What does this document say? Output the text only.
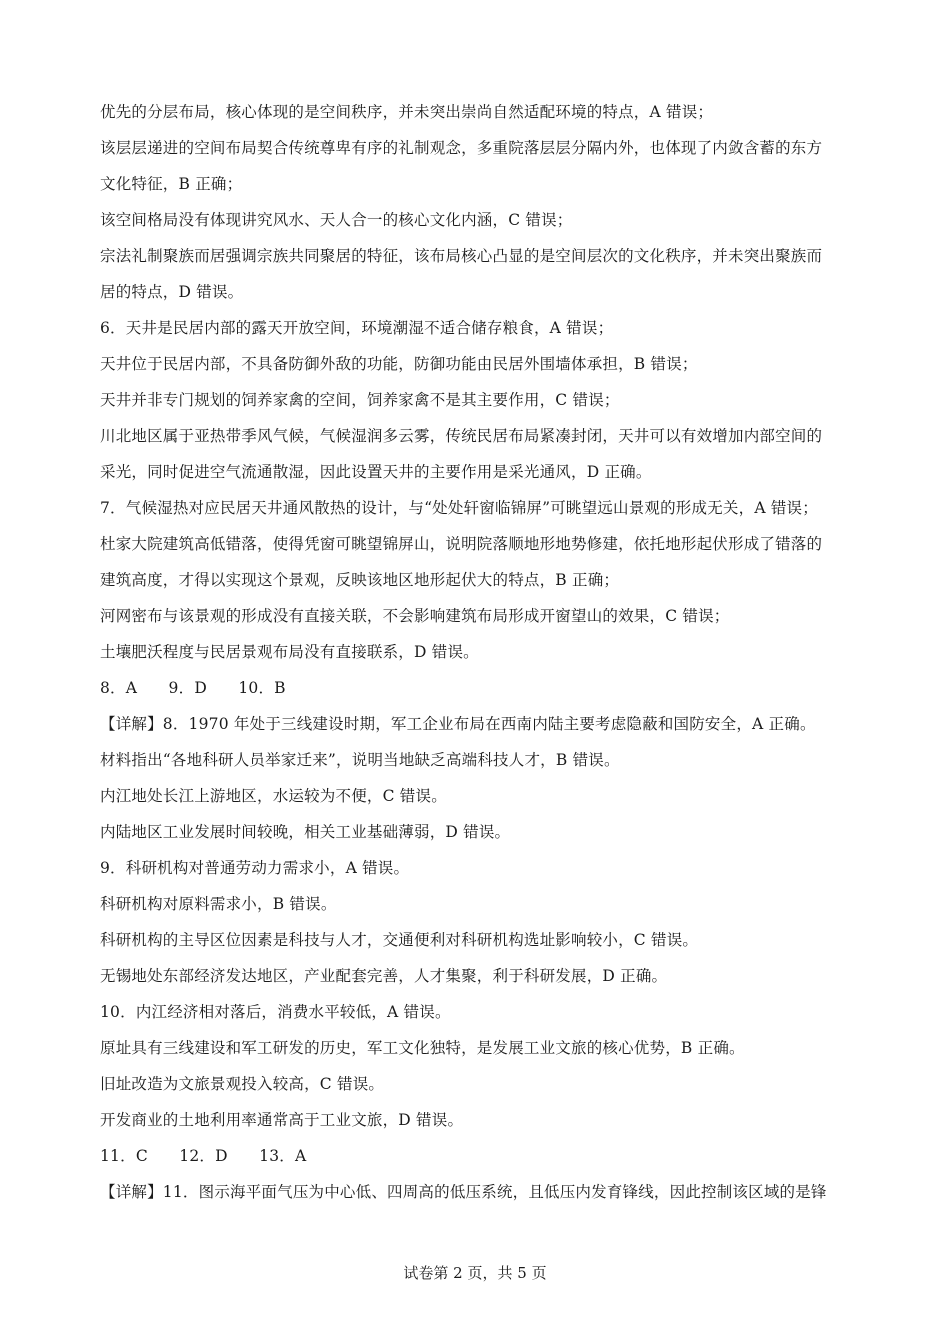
优先的分层布局，核心体现的是空间秩序，并未突出崇尚自然适配环境的特点，A 错误；
该层层递进的空间布局契合传统尊卑有序的礼制观念，多重院落层层分隔内外，也体现了内敛含蓄的东方
文化特征，B 正确；
该空间格局没有体现讲究风水、天人合一的核心文化内涵，C 错误；
宗法礼制聚族而居强调宗族共同聚居的特征，该布局核心凸显的是空间层次的文化秩序，并未突出聚族而
居的特点，D 错误。
6．天井是民居内部的露天开放空间，环境潮湿不适合储存粮食，A 错误；
天井位于民居内部，不具备防御外敌的功能，防御功能由民居外围墙体承担，B 错误；
天井并非专门规划的饲养家禽的空间，饲养家禽不是其主要作用，C 错误；
川北地区属于亚热带季风气候，气候湿润多云雾，传统民居布局紧凑封闭，天井可以有效增加内部空间的
采光，同时促进空气流通散湿，因此设置天井的主要作用是采光通风，D 正确。
7．气候湿热对应民居天井通风散热的设计，与“处处轩窗临锦屏”可眺望远山景观的形成无关，A 错误；
杜家大院建筑高低错落，使得凭窗可眺望锦屏山，说明院落顺地形地势修建，依托地形起伏形成了错落的
建筑高度，才得以实现这个景观，反映该地区地形起伏大的特点，B 正确；
河网密布与该景观的形成没有直接关联，不会影响建筑布局形成开窗望山的效果，C 错误；
土壤肥沃程度与民居景观布局没有直接联系，D 错误。
8．A　　9．D　　10．B
【详解】8．1970 年处于三线建设时期，军工企业布局在西南内陆主要考虑隐蔽和国防安全，A 正确。
材料指出“各地科研人员举家迁来”，说明当地缺乏高端科技人才，B 错误。
内江地处长江上游地区，水运较为不便，C 错误。
内陆地区工业发展时间较晚，相关工业基础薄弱，D 错误。
9．科研机构对普通劳动力需求小，A 错误。
科研机构对原料需求小，B 错误。
科研机构的主导区位因素是科技与人才，交通便利对科研机构选址影响较小，C 错误。
无锡地处东部经济发达地区，产业配套完善，人才集聚，利于科研发展，D 正确。
10．内江经济相对落后，消费水平较低，A 错误。
原址具有三线建设和军工研发的历史，军工文化独特，是发展工业文旅的核心优势，B 正确。
旧址改造为文旅景观投入较高，C 错误。
开发商业的土地利用率通常高于工业文旅，D 错误。
11．C　　12．D　　13．A
【详解】11．图示海平面气压为中心低、四周高的低压系统，且低压内发育锋线，因此控制该区域的是锋
试卷第 2 页，共 5 页
